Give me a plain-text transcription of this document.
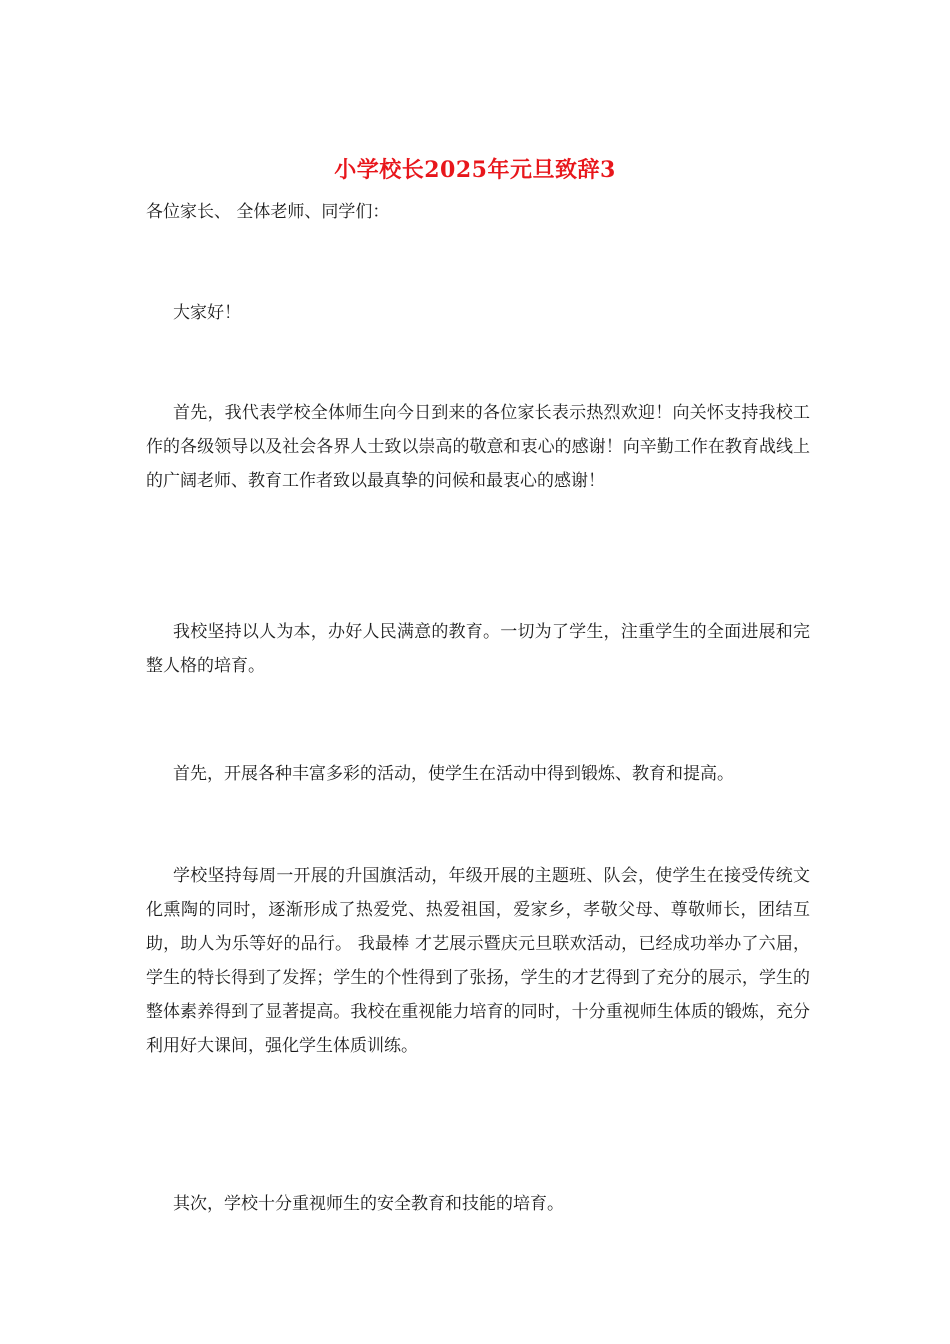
小学校长2025年元旦致辞3

各位家长、 全体老师、同学们：

大家好！

首先，我代表学校全体师生向今日到来的各位家长表示热烈欢迎！向关怀支持我校工作的各级领导以及社会各界人士致以崇高的敬意和衷心的感谢！向辛勤工作在教育战线上的广阔老师、教育工作者致以最真挚的问候和最衷心的感谢！

我校坚持以人为本，办好人民满意的教育。一切为了学生，注重学生的全面进展和完整人格的培育。

首先，开展各种丰富多彩的活动，使学生在活动中得到锻炼、教育和提高。

学校坚持每周一开展的升国旗活动，年级开展的主题班、队会，使学生在接受传统文化熏陶的同时，逐渐形成了热爱党、热爱祖国，爱家乡，孝敬父母、尊敬师长，团结互助，助人为乐等好的品行。 我最棒 才艺展示暨庆元旦联欢活动，已经成功举办了六届，学生的特长得到了发挥；学生的个性得到了张扬，学生的才艺得到了充分的展示，学生的整体素养得到了显著提高。我校在重视能力培育的同时，十分重视师生体质的锻炼，充分利用好大课间，强化学生体质训练。

其次，学校十分重视师生的安全教育和技能的培育。
